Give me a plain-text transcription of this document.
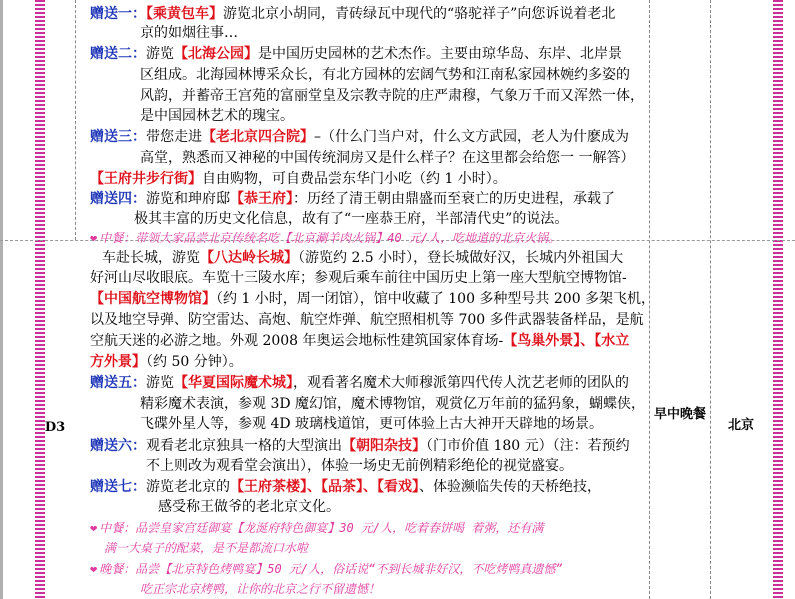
赠送一：【乘黄包车】游览北京小胡同，青砖绿瓦中现代的“骆驼祥子”向您诉说着老北
京的如烟往事…
赠送二：游览【北海公园】是中国历史园林的艺术杰作。主要由琼华岛、东岸、北岸景
区组成。北海园林博采众长，有北方园林的宏阔气势和江南私家园林婉约多姿的
风韵，并蓄帝王宫苑的富丽堂皇及宗教寺院的庄严肃穆，气象万千而又浑然一体，
是中国园林艺术的瑰宝。
赠送三：带您走进【老北京四合院】–（什么门当户对，什么文方武园，老人为什麽成为
高堂，熟悉而又神秘的中国传统洞房又是什么样子？在这里都会给您一 一解答）
【王府井步行街】自由购物，可自费品尝东华门小吃（约 1 小时）。
赠送四：游览和珅府邸【恭王府】：历经了清王朝由鼎盛而至衰亡的历史进程，承载了
极其丰富的历史文化信息，故有了“一座恭王府，半部清代史”的说法。
❤ 中餐：带领大家品尝北京传统名吃【北京涮羊肉火锅】40 元/人，吃地道的北京火锅。
D3
早中晚餐
北京
车赴长城，游览【八达岭长城】（游览约 2.5 小时），登长城做好汉，长城内外祖国大
好河山尽收眼底。车览十三陵水库；参观后乘车前往中国历史上第一座大型航空博物馆-
【中国航空博物馆】（约 1 小时，周一闭馆），馆中收藏了 100 多种型号共 200 多架飞机，
以及地空导弹、防空雷达、高炮、航空炸弹、航空照相机等 700 多件武器装备样品，是航
空航天迷的必游之地。外观 2008 年奥运会地标性建筑国家体育场-【鸟巢外景】、【水立
方外景】（约 50 分钟）。
赠送五：游览【华夏国际魔术城】，观看著名魔术大师穆派第四代传人沈艺老师的团队的
精彩魔术表演，参观 3D 魔幻馆，魔术博物馆，观赏亿万年前的猛犸象，蝴蝶侠，
飞碟外星人等，参观 4D 玻璃栈道馆，更可体验上古大神开天辟地的场景。
赠送六：观看老北京独具一格的大型演出【朝阳杂技】（门市价值 180 元）（注：若预约
不上则改为观看堂会演出），体验一场史无前例精彩绝伦的视觉盛宴。
赠送七：游览老北京的【王府茶楼】、【品茶】、【看戏】、体验濒临失传的天桥绝技，
感受称王做爷的老北京文化。
❤ 中餐：品尝皇家宫廷御宴【龙涎府特色御宴】30 元/人，吃着春饼喝 着粥，还有满
满一大桌子的配菜，是不是都流口水啦
❤ 晚餐：品尝【北京特色烤鸭宴】50 元/人，俗话说“不到长城非好汉，不吃烤鸭真遗憾”
吃正宗北京烤鸭，让你的北京之行不留遗憾！
